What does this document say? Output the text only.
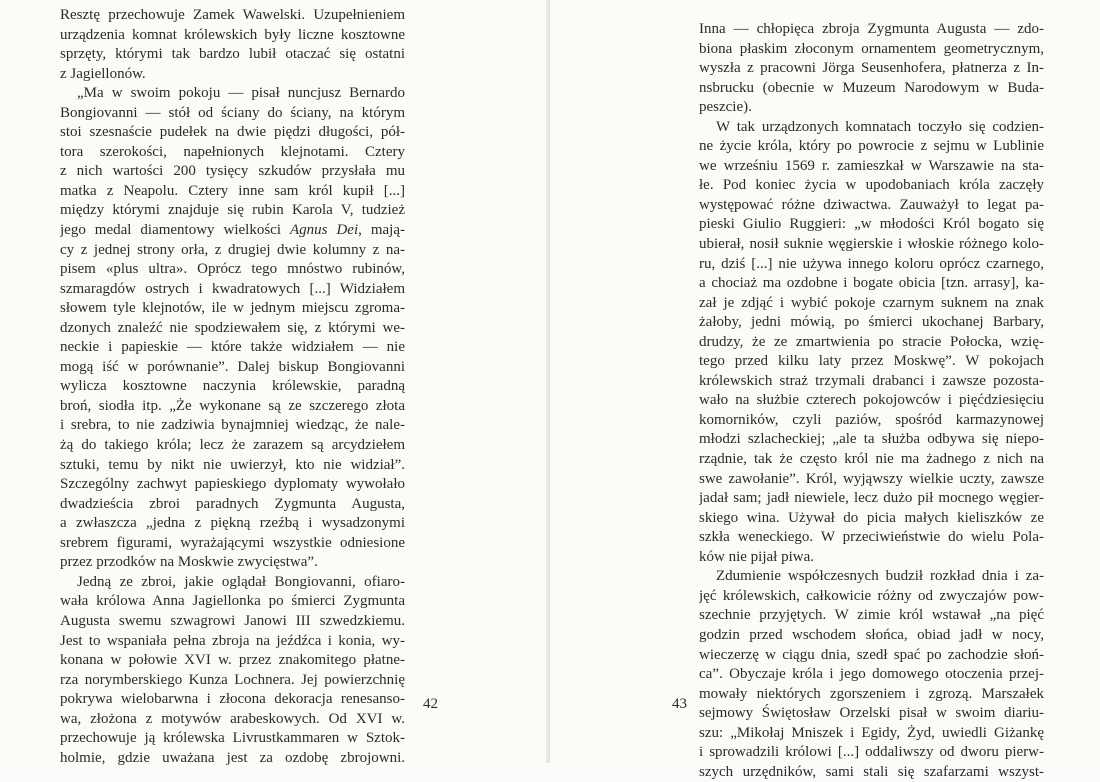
Resztę przechowuje Zamek Wawelski. Uzupełnieniem
urządzenia komnat królewskich były liczne kosztowne
sprzęty, którymi tak bardzo lubił otaczać się ostatni
z Jagiellonów.
„Ma w swoim pokoju — pisał nuncjusz Bernardo
Bongiovanni — stół od ściany do ściany, na którym
stoi szesnaście pudełek na dwie piędzi długości, pół-
tora szerokości, napełnionych klejnotami. Cztery
z nich wartości 200 tysięcy szkudów przysłała mu
matka z Neapolu. Cztery inne sam król kupił [...]
między którymi znajduje się rubin Karola V, tudzież
jego medal diamentowy wielkości Agnus Dei, mają-
cy z jednej strony orła, z drugiej dwie kolumny z na-
pisem «plus ultra». Oprócz tego mnóstwo rubinów,
szmaragdów ostrych i kwadratowych [...] Widziałem
słowem tyle klejnotów, ile w jednym miejscu zgroma-
dzonych znaleźć nie spodziewałem się, z którymi we-
neckie i papieskie — które także widziałem — nie
mogą iść w porównanie”. Dalej biskup Bongiovanni
wylicza kosztowne naczynia królewskie, paradną
broń, siodła itp. „Że wykonane są ze szczerego złota
i srebra, to nie zadziwia bynajmniej wiedząc, że nale-
żą do takiego króla; lecz że zarazem są arcydziełem
sztuki, temu by nikt nie uwierzył, kto nie widział”.
Szczególny zachwyt papieskiego dyplomaty wywołało
dwadzieścia zbroi paradnych Zygmunta Augusta,
a zwłaszcza „jedna z piękną rzeźbą i wysadzonymi
srebrem figurami, wyrażającymi wszystkie odniesione
przez przodków na Moskwie zwycięstwa”.
Jedną ze zbroi, jakie oglądał Bongiovanni, ofiaro-
wała królowa Anna Jagiellonka po śmierci Zygmunta
Augusta swemu szwagrowi Janowi III szwedzkiemu.
Jest to wspaniała pełna zbroja na jeźdźca i konia, wy-
konana w połowie XVI w. przez znakomitego płatne-
rza norymberskiego Kunza Lochnera. Jej powierzchnię
pokrywa wielobarwna i złocona dekoracja renesanso-
wa, złożona z motywów arabeskowych. Od XVI w.
przechowuje ją królewska Livrustkammaren w Sztok-
holmie, gdzie uważana jest za ozdobę zbrojowni.
42
Inna — chłopięca zbroja Zygmunta Augusta — zdo-
biona płaskim złoconym ornamentem geometrycznym,
wyszła z pracowni Jörga Seusenhofera, płatnerza z In-
nsbrucku (obecnie w Muzeum Narodowym w Buda-
peszcie).
W tak urządzonych komnatach toczyło się codzien-
ne życie króla, który po powrocie z sejmu w Lublinie
we wrześniu 1569 r. zamieszkał w Warszawie na sta-
łe. Pod koniec życia w upodobaniach króla zaczęły
występować różne dziwactwa. Zauważył to legat pa-
pieski Giulio Ruggieri: „w młodości Król bogato się
ubierał, nosił suknie węgierskie i włoskie różnego kolo-
ru, dziś [...] nie używa innego koloru oprócz czarnego,
a chociaż ma ozdobne i bogate obicia [tzn. arrasy], ka-
zał je zdjąć i wybić pokoje czarnym suknem na znak
żałoby, jedni mówią, po śmierci ukochanej Barbary,
drudzy, że ze zmartwienia po stracie Połocka, wzię-
tego przed kilku laty przez Moskwę”. W pokojach
królewskich straż trzymali drabanci i zawsze pozosta-
wało na służbie czterech pokojowców i pięćdziesięciu
komorników, czyli paziów, spośród karmazynowej
młodzi szlacheckiej; „ale ta służba odbywa się niepo-
rządnie, tak że często król nie ma żadnego z nich na
swe zawołanie”. Król, wyjąwszy wielkie uczty, zawsze
jadał sam; jadł niewiele, lecz dużo pił mocnego węgier-
skiego wina. Używał do picia małych kieliszków ze
szkła weneckiego. W przeciwieństwie do wielu Pola-
ków nie pijał piwa.
Zdumienie współczesnych budził rozkład dnia i za-
jęć królewskich, całkowicie różny od zwyczajów pow-
szechnie przyjętych. W zimie król wstawał „na pięć
godzin przed wschodem słońca, obiad jadł w nocy,
wieczerzę w ciągu dnia, szedł spać po zachodzie słoń-
ca”. Obyczaje króla i jego domowego otoczenia przej-
mowały niektórych zgorszeniem i zgrozą. Marszałek
sejmowy Świętosław Orzelski pisał w swoim diariu-
szu: „Mikołaj Mniszek i Egidy, Żyd, uwiedli Giżankę
i sprowadzili królowi [...] oddaliwszy od dworu pierw-
szych urzędników, sami stali się szafarzami wszyst-
43
